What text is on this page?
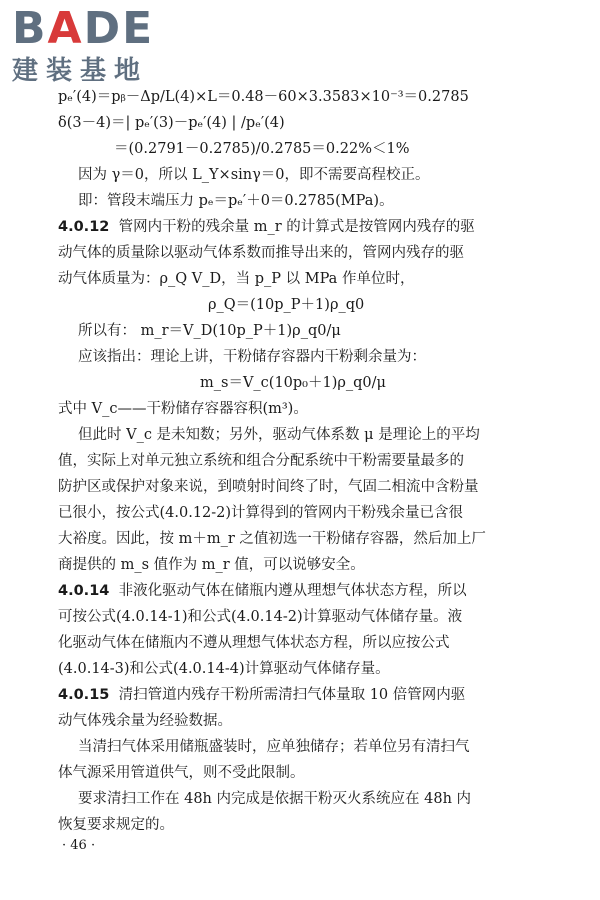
BADE
建装基地

pₑ′(4)＝pᵦ－Δp/L(4)×L＝0.48－60×3.3583×10⁻³＝0.2785

δ(3－4)＝| pₑ′(3)－pₑ′(4) | /pₑ′(4)

＝(0.2791－0.2785)/0.2785＝0.22%＜1%

因为 γ＝0，所以 L_Y×sinγ＝0，即不需要高程校正。

即：管段末端压力 pₑ＝pₑ′＋0＝0.2785(MPa)。

4.0.12 管网内干粉的残余量 m_r 的计算式是按管网内残存的驱

动气体的质量除以驱动气体系数而推导出来的，管网内残存的驱

动气体质量为：ρ_Q V_D，当 p_P 以 MPa 作单位时，

ρ_Q＝(10p_P＋1)ρ_q0

所以有： m_r＝V_D(10p_P＋1)ρ_q0/μ

应该指出：理论上讲，干粉储存容器内干粉剩余量为：

m_s＝V_c(10p₀＋1)ρ_q0/μ

式中 V_c——干粉储存容器容积(m³)。

但此时 V_c 是未知数；另外，驱动气体系数 μ 是理论上的平均

值，实际上对单元独立系统和组合分配系统中干粉需要量最多的

防护区或保护对象来说，到喷射时间终了时，气固二相流中含粉量

已很小，按公式(4.0.12-2)计算得到的管网内干粉残余量已含很

大裕度。因此，按 m＋m_r 之值初选一干粉储存容器，然后加上厂

商提供的 m_s 值作为 m_r 值，可以说够安全。

4.0.14 非液化驱动气体在储瓶内遵从理想气体状态方程，所以

可按公式(4.0.14-1)和公式(4.0.14-2)计算驱动气体储存量。液

化驱动气体在储瓶内不遵从理想气体状态方程，所以应按公式

(4.0.14-3)和公式(4.0.14-4)计算驱动气体储存量。

4.0.15 清扫管道内残存干粉所需清扫气体量取 10 倍管网内驱

动气体残余量为经验数据。

当清扫气体采用储瓶盛装时，应单独储存；若单位另有清扫气

体气源采用管道供气，则不受此限制。

要求清扫工作在 48h 内完成是依据干粉灭火系统应在 48h 内

恢复要求规定的。

· 46 ·
